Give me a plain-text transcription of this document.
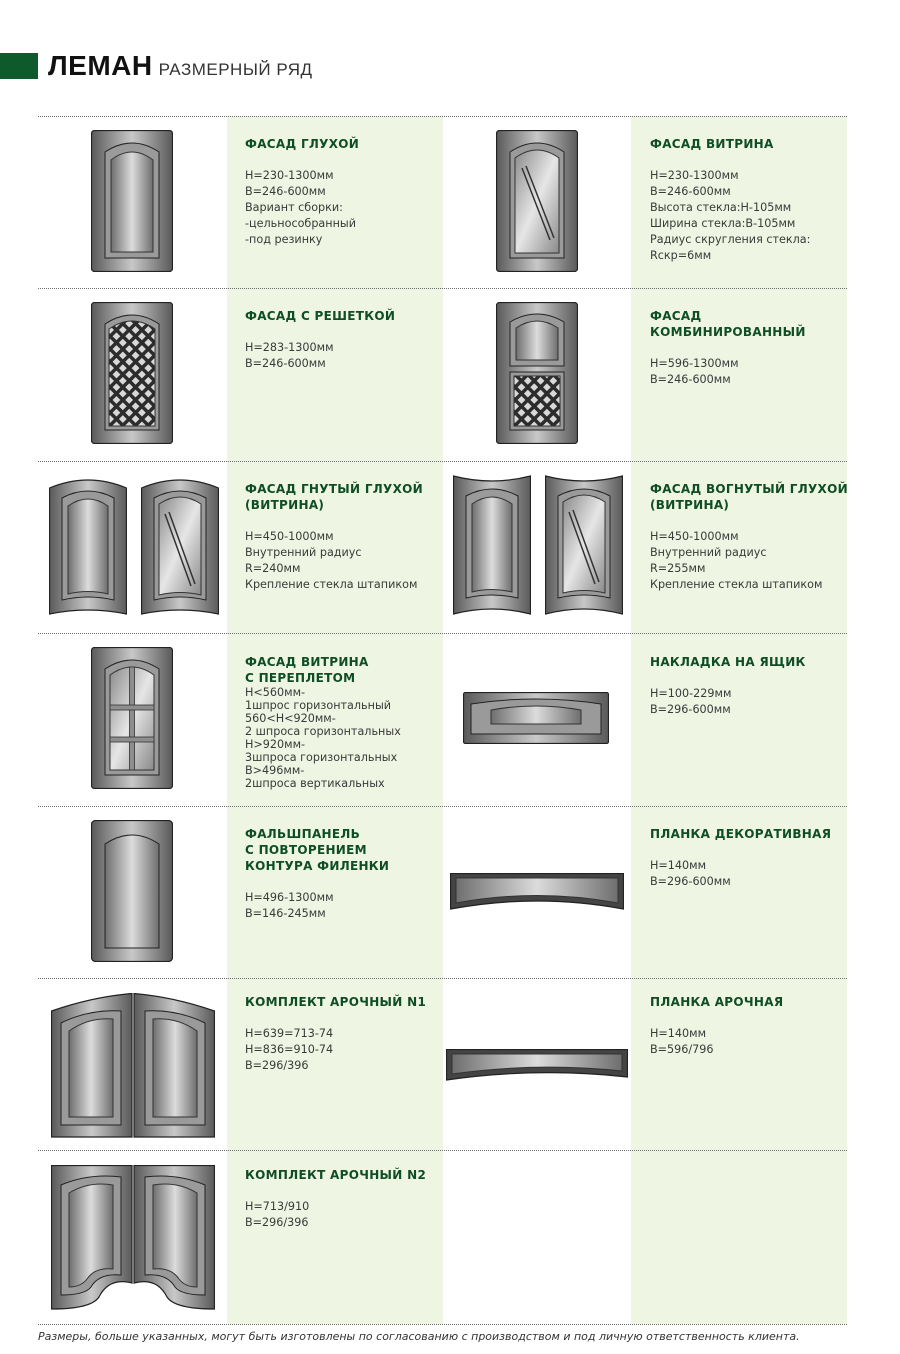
ЛЕМАН РАЗМЕРНЫЙ РЯД
ФАСАД ГЛУХОЙ
Н=230-1300мм
В=246-600мм
Вариант сборки:
-цельнособранный
-под резинку
ФАСАД ВИТРИНА
Н=230-1300мм
В=246-600мм
Высота стекла:Н-105мм
Ширина стекла:В-105мм
Радиус скругления стекла:
Rскр=6мм
ФАСАД С РЕШЕТКОЙ
Н=283-1300мм
В=246-600мм
ФАСАД
КОМБИНИРОВАННЫЙ
Н=596-1300мм
В=246-600мм
ФАСАД ГНУТЫЙ ГЛУХОЙ
(ВИТРИНА)
Н=450-1000мм
Внутренний радиус
R=240мм
Крепление стекла штапиком
ФАСАД ВОГНУТЫЙ ГЛУХОЙ
(ВИТРИНА)
Н=450-1000мм
Внутренний радиус
R=255мм
Крепление стекла штапиком
ФАСАД ВИТРИНА
С ПЕРЕПЛЕТОМ
Н<560мм-
1шпрос горизонтальный
560<Н<920мм-
2 шпроса горизонтальных
Н>920мм-
3шпроса горизонтальных
В>496мм-
2шпроса вертикальных
НАКЛАДКА НА ЯЩИК
Н=100-229мм
В=296-600мм
ФАЛЬШПАНЕЛЬ
С ПОВТОРЕНИЕМ
КОНТУРА ФИЛЕНКИ
Н=496-1300мм
В=146-245мм
ПЛАНКА ДЕКОРАТИВНАЯ
Н=140мм
В=296-600мм
КОМПЛЕКТ АРОЧНЫЙ N1
Н=639=713-74
Н=836=910-74
В=296/396
ПЛАНКА АРОЧНАЯ
Н=140мм
В=596/796
КОМПЛЕКТ АРОЧНЫЙ N2
Н=713/910
В=296/396
Размеры, больше указанных, могут быть изготовлены по согласованию с производством и под личную ответственность клиента.
